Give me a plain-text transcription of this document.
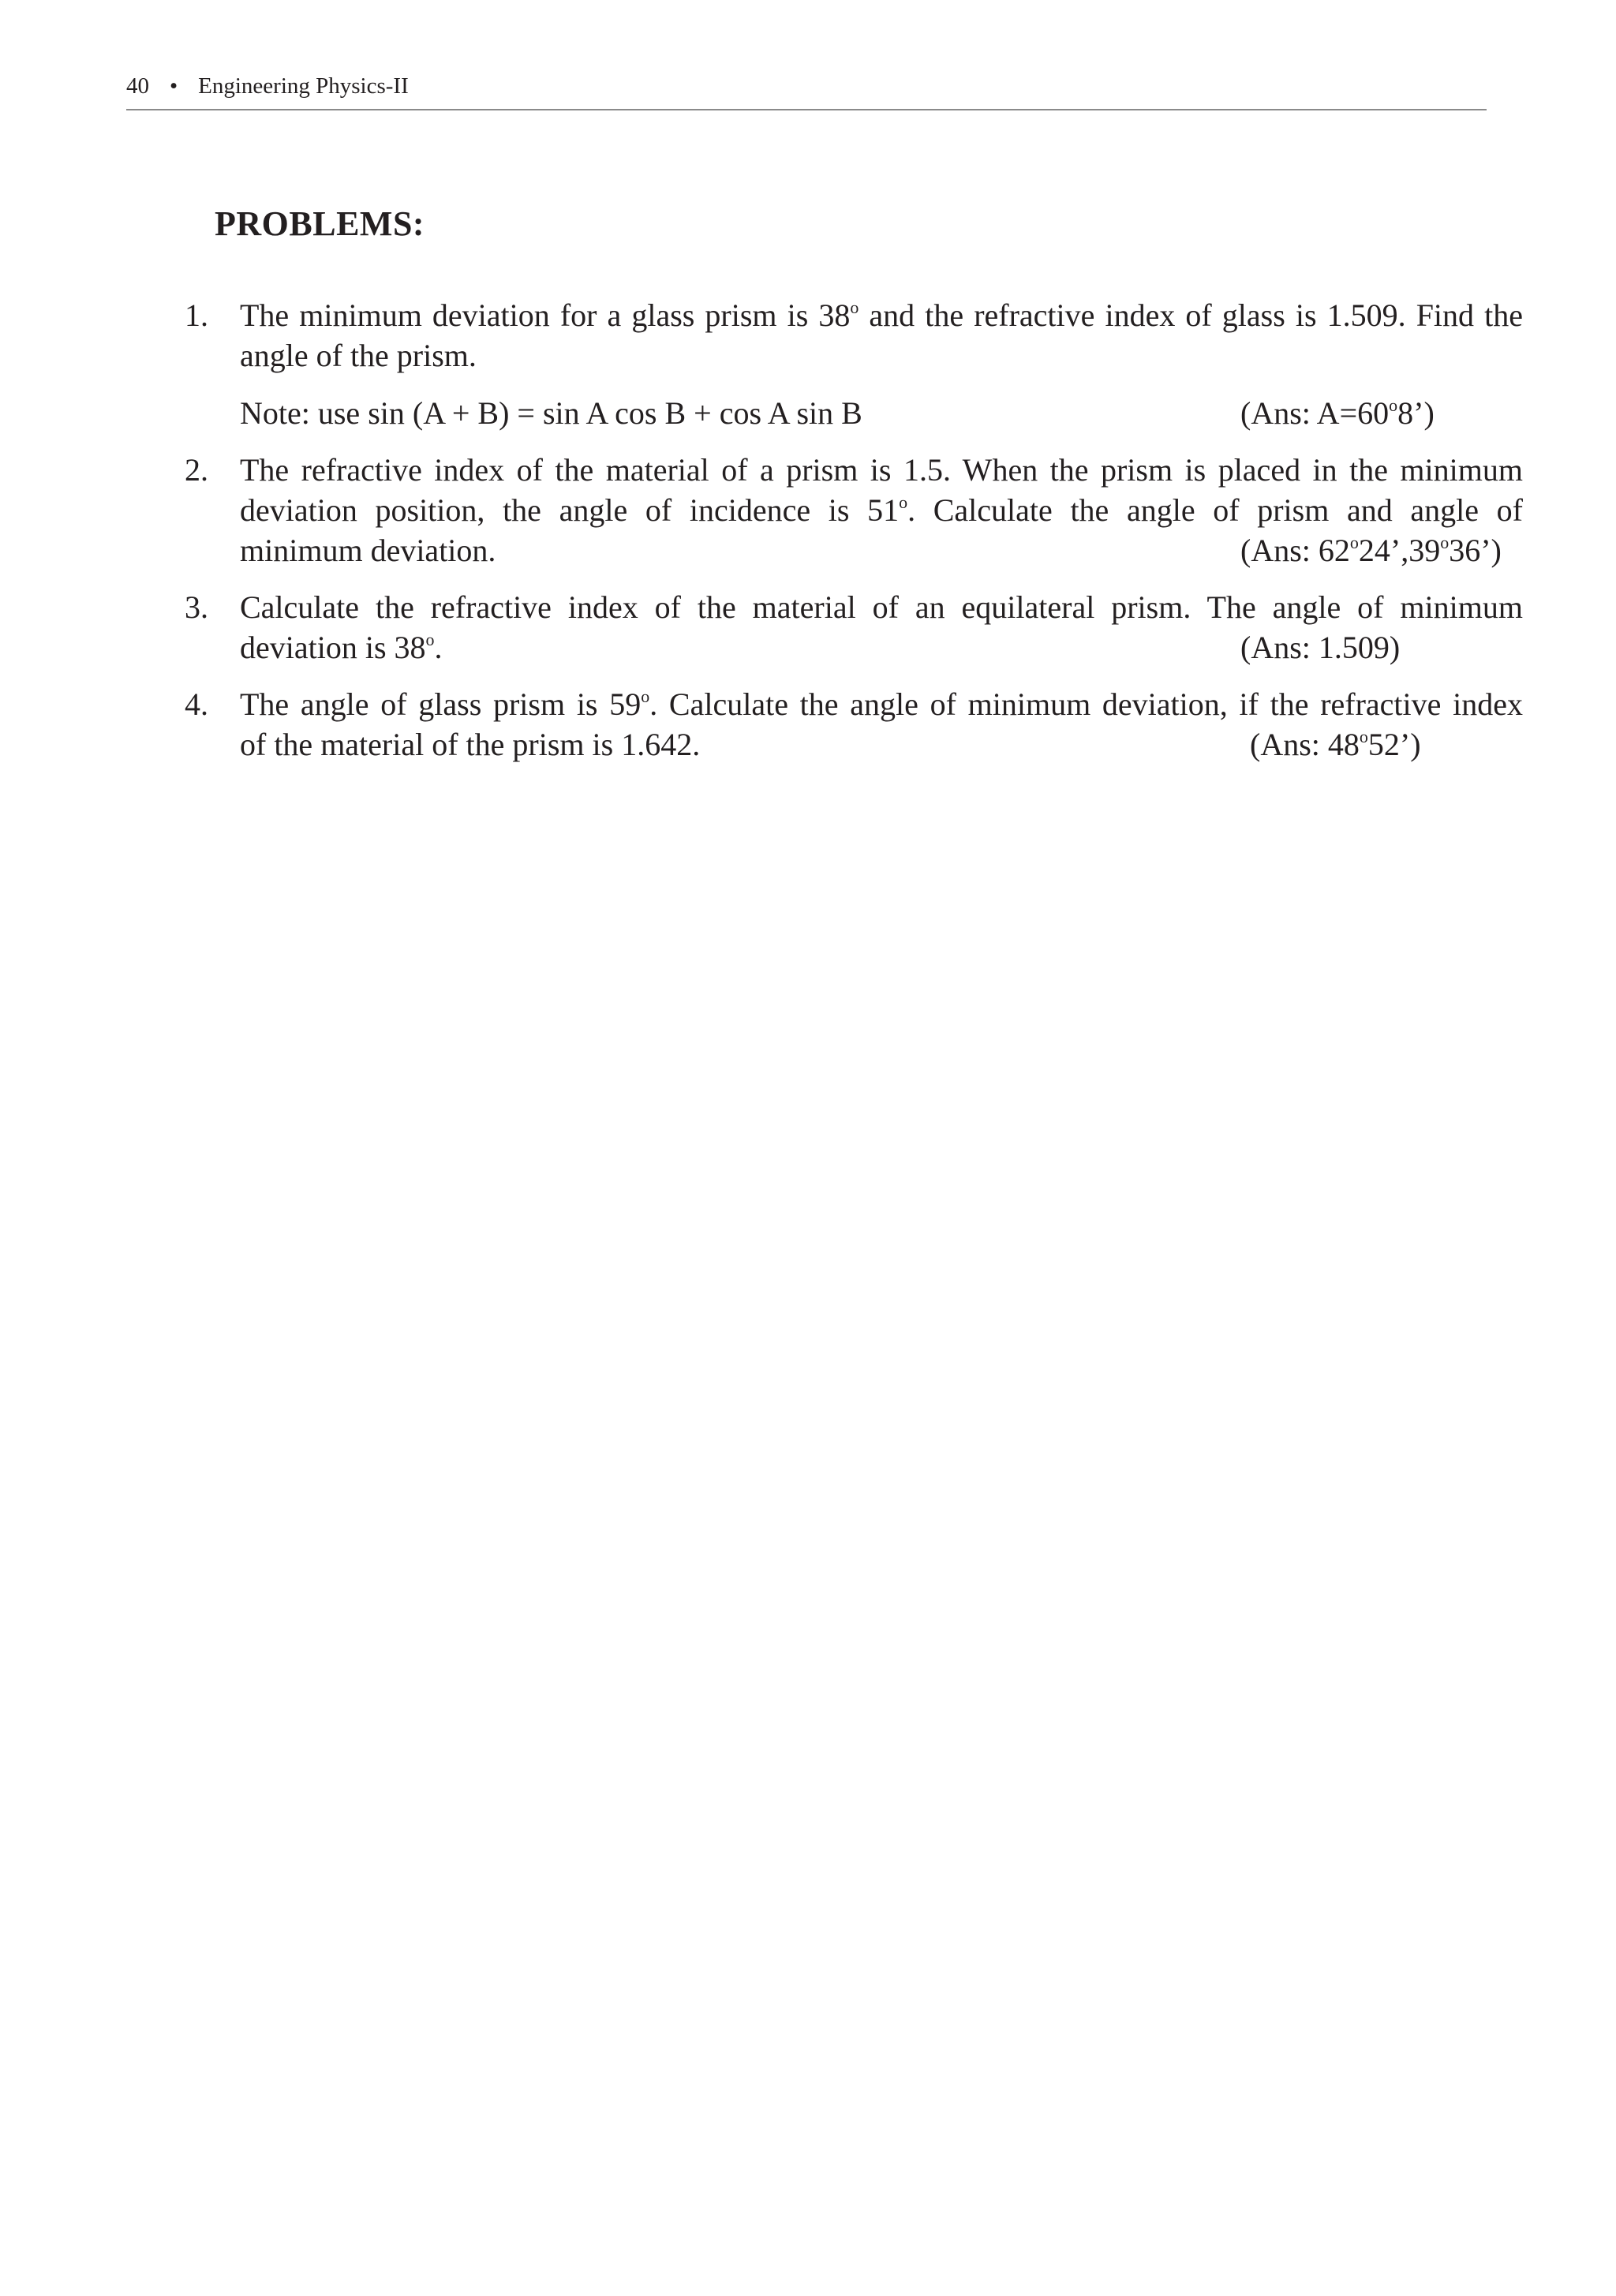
40 • Engineering Physics-II
PROBLEMS:
1.	The minimum deviation for a glass prism is 38$^o$ and the refractive index of glass is 1.509. Find the angle of the prism.
Note: use sin (A + B) = sin A cos B + cos A sin B	(Ans: $A=60^o8$’)
2.	The refractive index of the material of a prism is 1.5. When the prism is placed in the minimum deviation position, the angle of incidence is 51$^o$. Calculate the angle of prism and angle of
minimum deviation.	(Ans: 62$^o$24’,39$^o$36’)
3.	Calculate the refractive index of the material of an equilateral prism. The angle of minimum
deviation is 38$^o$.	(Ans: 1.509)
4.	The angle of glass prism is 59$^o$. Calculate the angle of minimum deviation, if the refractive index
of the material of the prism is 1.642.	(Ans: 48$^o$52’)
